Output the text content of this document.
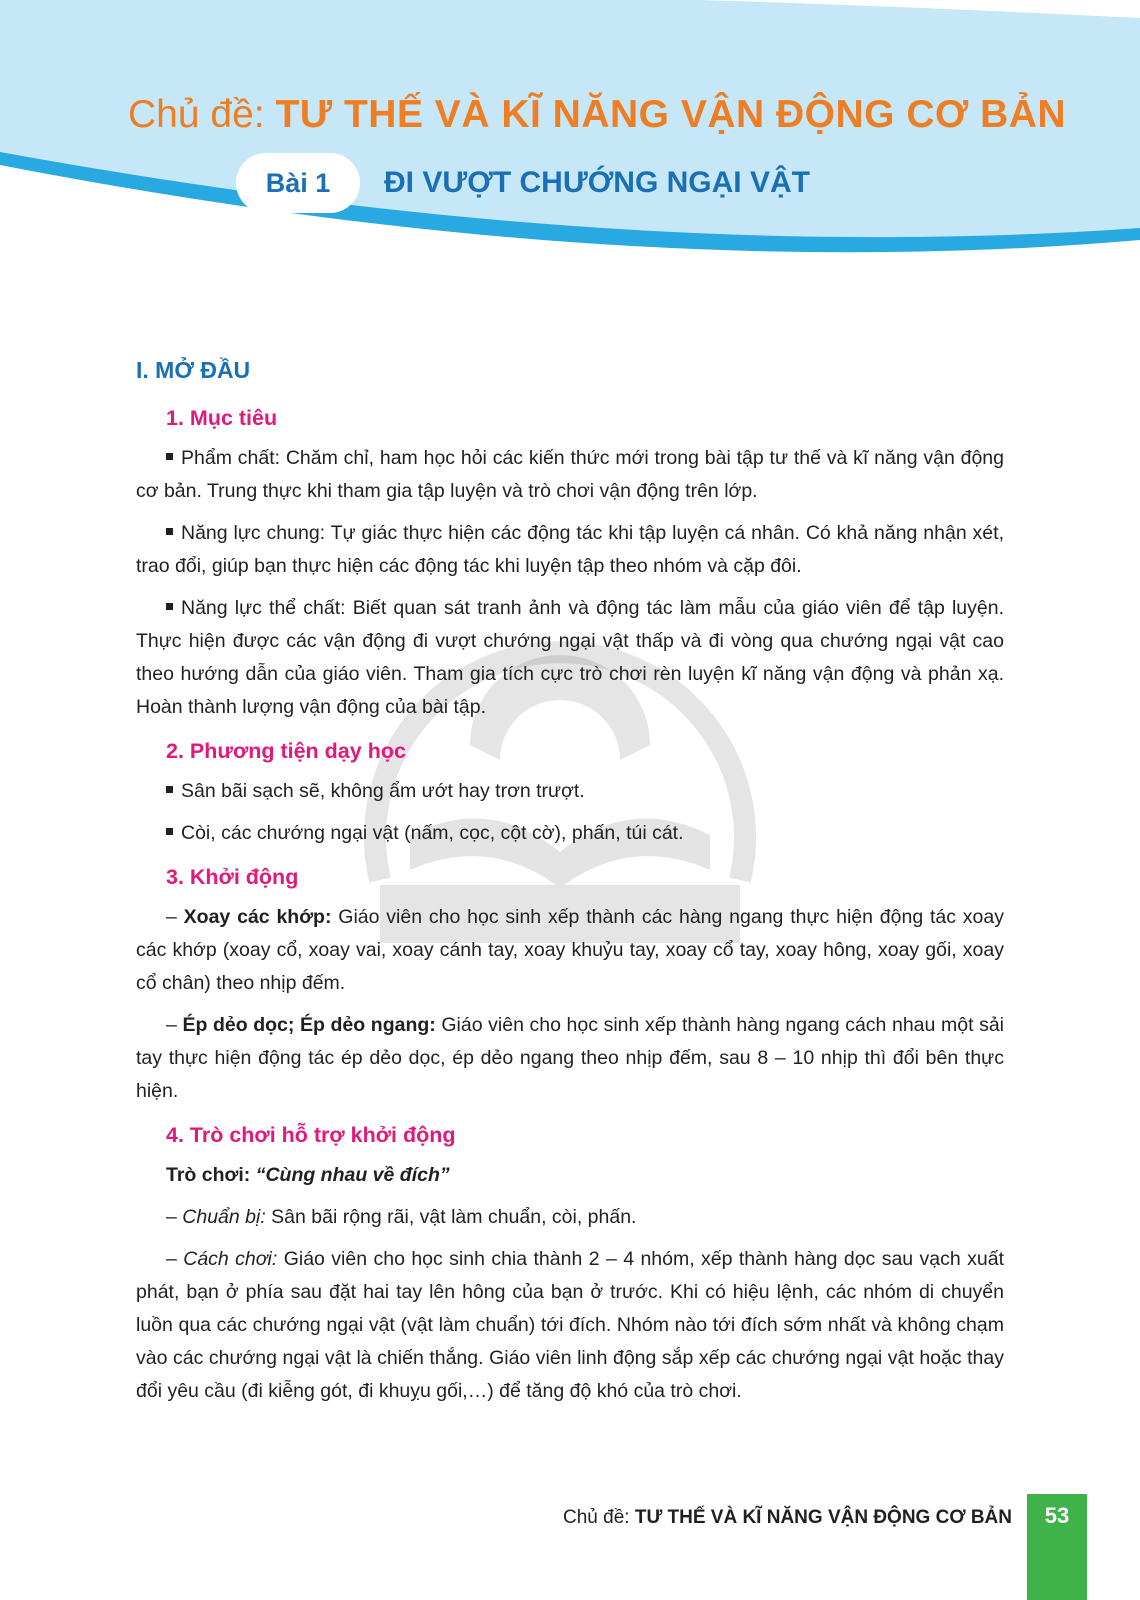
Chủ đề: TƯ THẾ VÀ KĨ NĂNG VẬN ĐỘNG CƠ BẢN
Bài 1	ĐI VƯỢT CHƯỚNG NGẠI VẬT
I. MỞ ĐẦU
1. Mục tiêu

Phẩm chất: Chăm chỉ, ham học hỏi các kiến thức mới trong bài tập tư thế và kĩ năng vận động cơ bản. Trung thực khi tham gia tập luyện và trò chơi vận động trên lớp.

Năng lực chung: Tự giác thực hiện các động tác khi tập luyện cá nhân. Có khả năng nhận xét, trao đổi, giúp bạn thực hiện các động tác khi luyện tập theo nhóm và cặp đôi.

Năng lực thể chất: Biết quan sát tranh ảnh và động tác làm mẫu của giáo viên để tập luyện. Thực hiện được các vận động đi vượt chướng ngại vật thấp và đi vòng qua chướng ngại vật cao theo hướng dẫn của giáo viên. Tham gia tích cực trò chơi rèn luyện kĩ năng vận động và phản xạ. Hoàn thành lượng vận động của bài tập.

2. Phương tiện dạy học

Sân bãi sạch sẽ, không ẩm ướt hay trơn trượt.

Còi, các chướng ngại vật (nấm, cọc, cột cờ), phấn, túi cát.

3. Khởi động

– Xoay các khớp: Giáo viên cho học sinh xếp thành các hàng ngang thực hiện động tác xoay các khớp (xoay cổ, xoay vai, xoay cánh tay, xoay khuỷu tay, xoay cổ tay, xoay hông, xoay gối, xoay cổ chân) theo nhịp đếm.

– Ép dẻo dọc; Ép dẻo ngang: Giáo viên cho học sinh xếp thành hàng ngang cách nhau một sải tay thực hiện động tác ép dẻo dọc, ép dẻo ngang theo nhịp đếm, sau 8 – 10 nhịp thì đổi bên thực hiện.

4. Trò chơi hỗ trợ khởi động

Trò chơi: “Cùng nhau về đích”

– Chuẩn bị: Sân bãi rộng rãi, vật làm chuẩn, còi, phấn.

– Cách chơi: Giáo viên cho học sinh chia thành 2 – 4 nhóm, xếp thành hàng dọc sau vạch xuất phát, bạn ở phía sau đặt hai tay lên hông của bạn ở trước. Khi có hiệu lệnh, các nhóm di chuyển luồn qua các chướng ngại vật (vật làm chuẩn) tới đích. Nhóm nào tới đích sớm nhất và không chạm vào các chướng ngại vật là chiến thắng. Giáo viên linh động sắp xếp các chướng ngại vật hoặc thay đổi yêu cầu (đi kiễng gót, đi khuỵu gối,…) để tăng độ khó của trò chơi.

Chủ đề: TƯ THẾ VÀ KĨ NĂNG VẬN ĐỘNG CƠ BẢN	53
